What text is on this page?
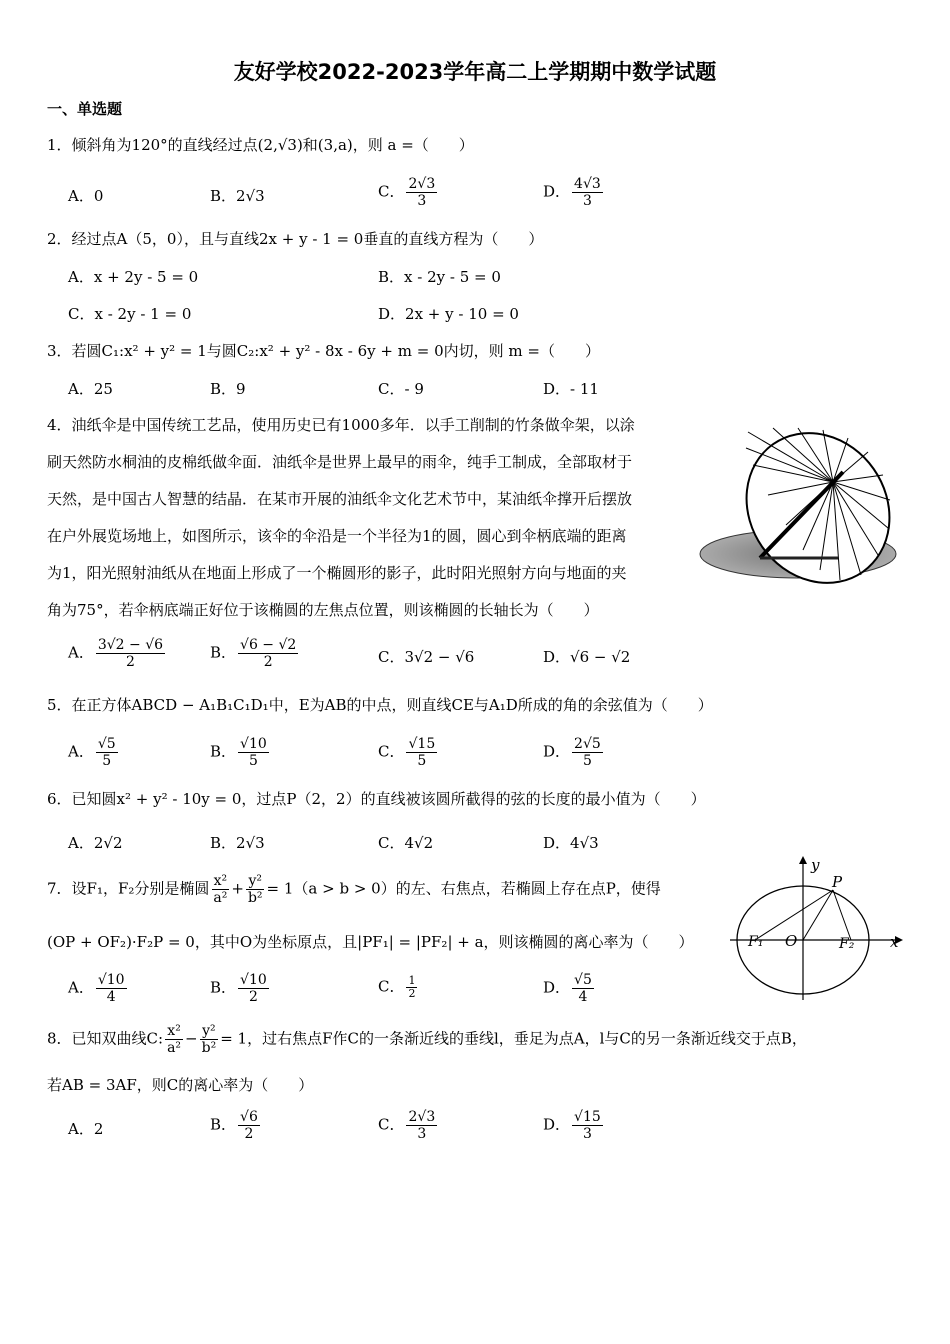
友好学校2022-2023学年高二上学期期中数学试题
一、单选题
1．倾斜角为120°的直线经过点(2,√3)和(3,a)，则 a =（　　）
A．0	B．2√3	C． $\frac{2√3}{3}$	D． $\frac{4√3}{3}$
2．经过点A（5，0），且与直线2x + y - 1 = 0垂直的直线方程为（　　）
A．x + 2y - 5 = 0	B．x - 2y - 5 = 0
C．x - 2y - 1 = 0	D．2x + y - 10 = 0
3．若圆C₁:x² + y² = 1与圆C₂:x² + y² - 8x - 6y + m = 0内切，则 m =（　　）
A．25	B．9	C．- 9	D．- 11
4．油纸伞是中国传统工艺品，使用历史已有1000多年．以手工削制的竹条做伞架，以涂
刷天然防水桐油的皮棉纸做伞面．油纸伞是世界上最早的雨伞，纯手工制成，全部取材于
天然，是中国古人智慧的结晶．在某市开展的油纸伞文化艺术节中，某油纸伞撑开后摆放
在户外展览场地上，如图所示，该伞的伞沿是一个半径为1的圆，圆心到伞柄底端的距离
为1，阳光照射油纸从在地面上形成了一个椭圆形的影子，此时阳光照射方向与地面的夹
角为75°，若伞柄底端正好位于该椭圆的左焦点位置，则该椭圆的长轴长为（　　）
A． $\frac{3√2 - √6}{2}$	B． $\frac{√6 - √2}{2}$	C．3√2 − √6	D．√6 − √2
5．在正方体ABCD − A₁B₁C₁D₁中，E为AB的中点，则直线CE与A₁D所成的角的余弦值为（　　）
A． $\frac{√5}{5}$	B． $\frac{√10}{5}$	C． $\frac{√15}{5}$	D． $\frac{2√5}{5}$
6．已知圆x² + y² - 10y = 0，过点P（2，2）的直线被该圆所截得的弦的长度的最小值为（　　）
A．2√2	B．2√3	C．4√2	D．4√3
7．设F₁，F₂分别是椭圆 $\frac{\text{x²}}{\text{a²}} + \frac{\text{y²}}{\text{b²}} = 1(a > b > 0)$的左、右焦点，若椭圆上存在点P，使得
(OP + OF₂)·F₂P = 0，其中O为坐标原点，且|PF₁| = |PF₂| + a，则该椭圆的离心率为（　　）
y
x
P
O
F₁	F₂
A． $\frac{√10}{4}$	B． $\frac{√10}{2}$	C． $\frac{1}{2}$	D． $\frac{√5}{4}$
8．已知双曲线C: $\frac{\text{x²}}{\text{a²}} - \frac{\text{y²}}{\text{b²}} = 1$，过右焦点F作C的一条渐近线的垂线l，垂足为点A，l与C的另一条渐近线交于点B，
若AB = 3AF，则C的离心率为（　　）
A．2	B． $\frac{√6}{2}$	C． $\frac{2√3}{3}$	D． $\frac{√15}{3}$
